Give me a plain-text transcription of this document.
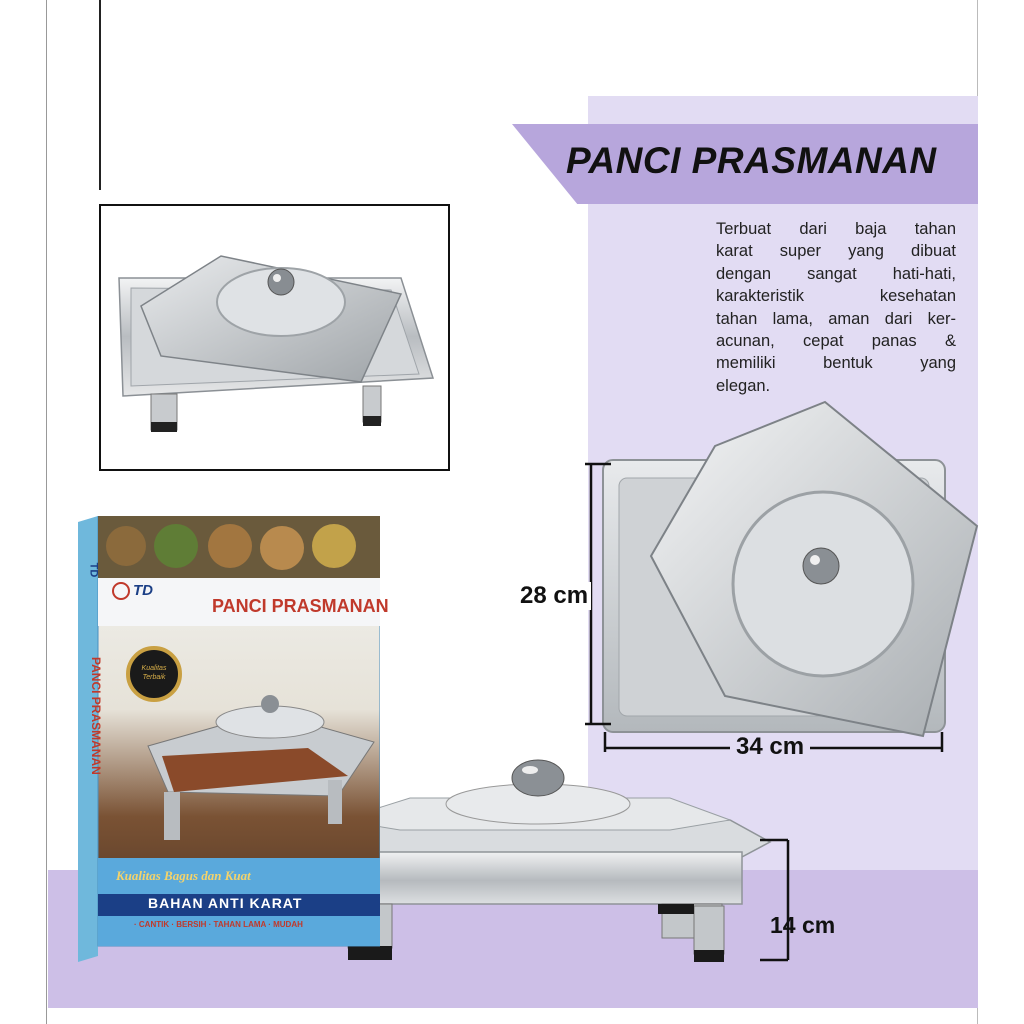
PANCI PRASMANAN
Terbuat dari baja tahan
karat super yang dibuat
dengan sangat hati-hati,
karakteristik kesehatan
tahan lama, aman dari ker-
acunan, cepat panas &
memiliki bentuk yang
elegan.
28 cm
34 cm
14 cm
TD
PANCI PRASMANAN
PANCI PRASMANAN
TD
Kualitas
Terbaik
Kualitas Bagus dan Kuat
BAHAN ANTI KARAT
· CANTIK · BERSIH · TAHAN LAMA · MUDAH
